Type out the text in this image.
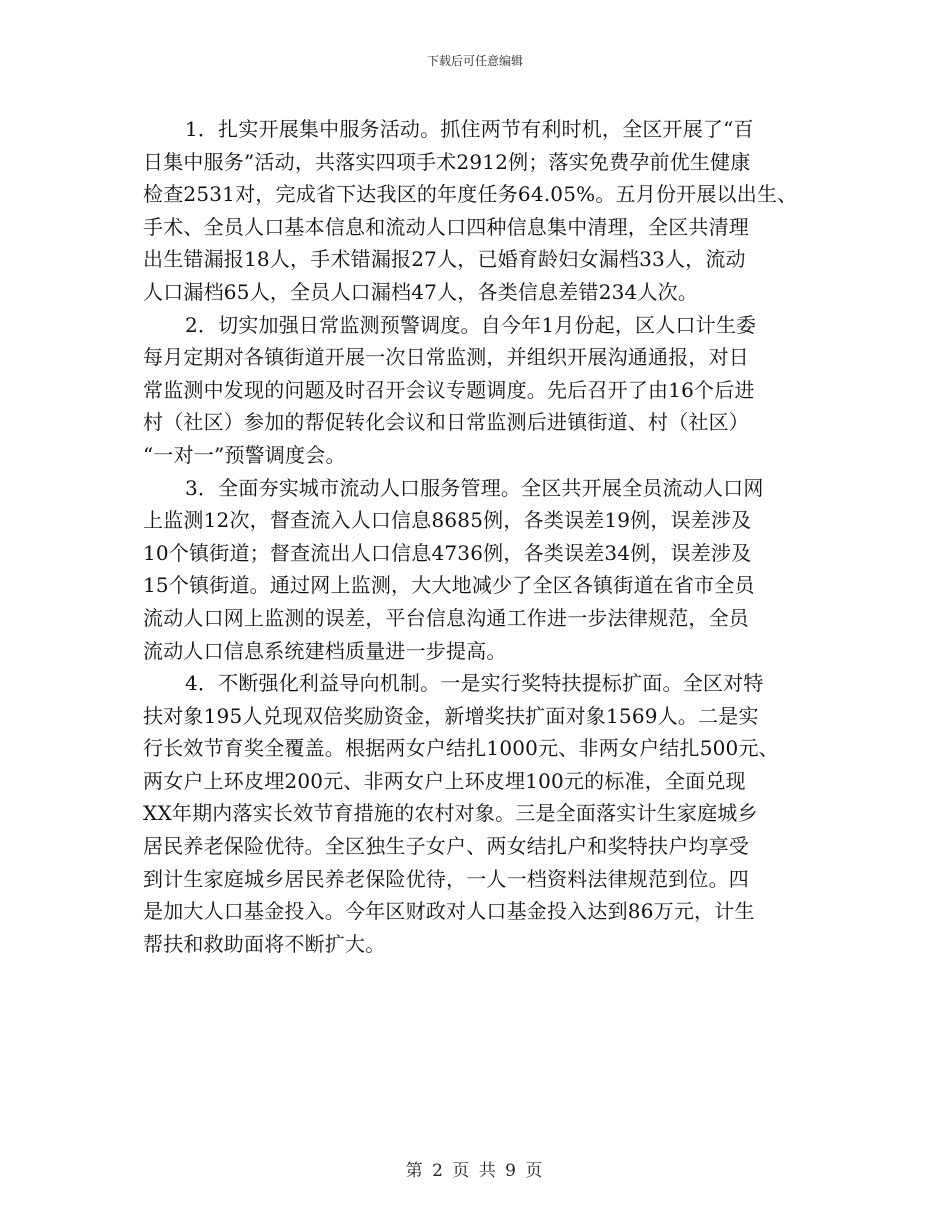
下载后可任意编辑

1．扎实开展集中服务活动。抓住两节有利时机，全区开展了“百
日集中服务”活动，共落实四项手术2912例；落实免费孕前优生健康
检查2531对，完成省下达我区的年度任务64.05%。五月份开展以出生、
手术、全员人口基本信息和流动人口四种信息集中清理，全区共清理
出生错漏报18人，手术错漏报27人，已婚育龄妇女漏档33人，流动
人口漏档65人，全员人口漏档47人，各类信息差错234人次。

2．切实加强日常监测预警调度。自今年1月份起，区人口计生委
每月定期对各镇街道开展一次日常监测，并组织开展沟通通报，对日
常监测中发现的问题及时召开会议专题调度。先后召开了由16个后进
村（社区）参加的帮促转化会议和日常监测后进镇街道、村（社区）
“一对一”预警调度会。

3．全面夯实城市流动人口服务管理。全区共开展全员流动人口网
上监测12次，督查流入人口信息8685例，各类误差19例，误差涉及
10个镇街道；督查流出人口信息4736例，各类误差34例，误差涉及
15个镇街道。通过网上监测，大大地减少了全区各镇街道在省市全员
流动人口网上监测的误差，平台信息沟通工作进一步法律规范，全员
流动人口信息系统建档质量进一步提高。

4．不断强化利益导向机制。一是实行奖特扶提标扩面。全区对特
扶对象195人兑现双倍奖励资金，新增奖扶扩面对象1569人。二是实
行长效节育奖全覆盖。根据两女户结扎1000元、非两女户结扎500元、
两女户上环皮埋200元、非两女户上环皮埋100元的标准，全面兑现
XX年期内落实长效节育措施的农村对象。三是全面落实计生家庭城乡
居民养老保险优待。全区独生子女户、两女结扎户和奖特扶户均享受
到计生家庭城乡居民养老保险优待，一人一档资料法律规范到位。四
是加大人口基金投入。今年区财政对人口基金投入达到86万元，计生
帮扶和救助面将不断扩大。

第 2 页 共 9 页
